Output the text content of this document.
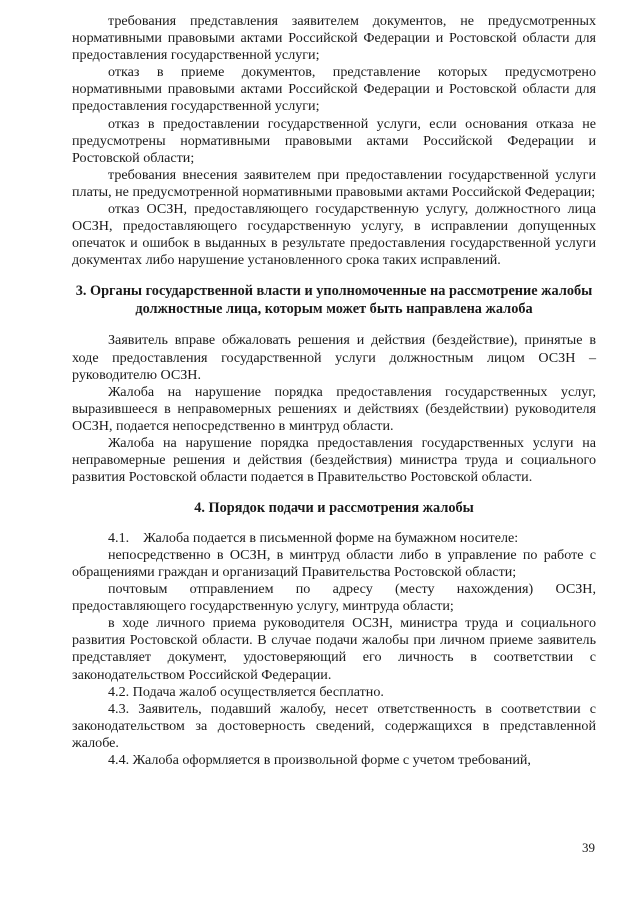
требования представления заявителем документов, не предусмотренных нормативными правовыми актами Российской Федерации и Ростовской области для предоставления государственной услуги;

отказ в приеме документов, представление которых предусмотрено нормативными правовыми актами Российской Федерации и Ростовской области для предоставления государственной услуги;

отказ в предоставлении государственной услуги, если основания отказа не предусмотрены нормативными правовыми актами Российской Федерации и Ростовской области;

требования внесения заявителем при предоставлении государственной услуги платы, не предусмотренной нормативными правовыми актами Российской Федерации;

отказ ОСЗН, предоставляющего государственную услугу, должностного лица ОСЗН, предоставляющего государственную услугу, в исправлении допущенных опечаток и ошибок в выданных в результате предоставления государственной услуги документах либо нарушение установленного срока таких исправлений.

3. Органы государственной власти и уполномоченные на рассмотрение жалобы должностные лица, которым может быть направлена жалоба

Заявитель вправе обжаловать решения и действия (бездействие), принятые в ходе предоставления государственной услуги должностным лицом ОСЗН – руководителю ОСЗН.

Жалоба на нарушение порядка предоставления государственных услуг, выразившееся в неправомерных решениях и действиях (бездействии) руководителя ОСЗН, подается непосредственно в минтруд области.

Жалоба на нарушение порядка предоставления государственных услуги на неправомерные решения и действия (бездействия) министра труда и социального развития Ростовской области подается в Правительство Ростовской области.

4. Порядок подачи и рассмотрения жалобы

4.1. Жалоба подается в письменной форме на бумажном носителе:

непосредственно в ОСЗН, в минтруд области либо в управление по работе с обращениями граждан и организаций Правительства Ростовской области;

почтовым отправлением по адресу (месту нахождения) ОСЗН, предоставляющего государственную услугу, минтруда области;

в ходе личного приема руководителя ОСЗН, министра труда и социального развития Ростовской области. В случае подачи жалобы при личном приеме заявитель представляет документ, удостоверяющий его личность в соответствии с законодательством Российской Федерации.

4.2. Подача жалоб осуществляется бесплатно.

4.3. Заявитель, подавший жалобу, несет ответственность в соответствии с законодательством за достоверность сведений, содержащихся в представленной жалобе.

4.4. Жалоба оформляется в произвольной форме с учетом требований,

39
